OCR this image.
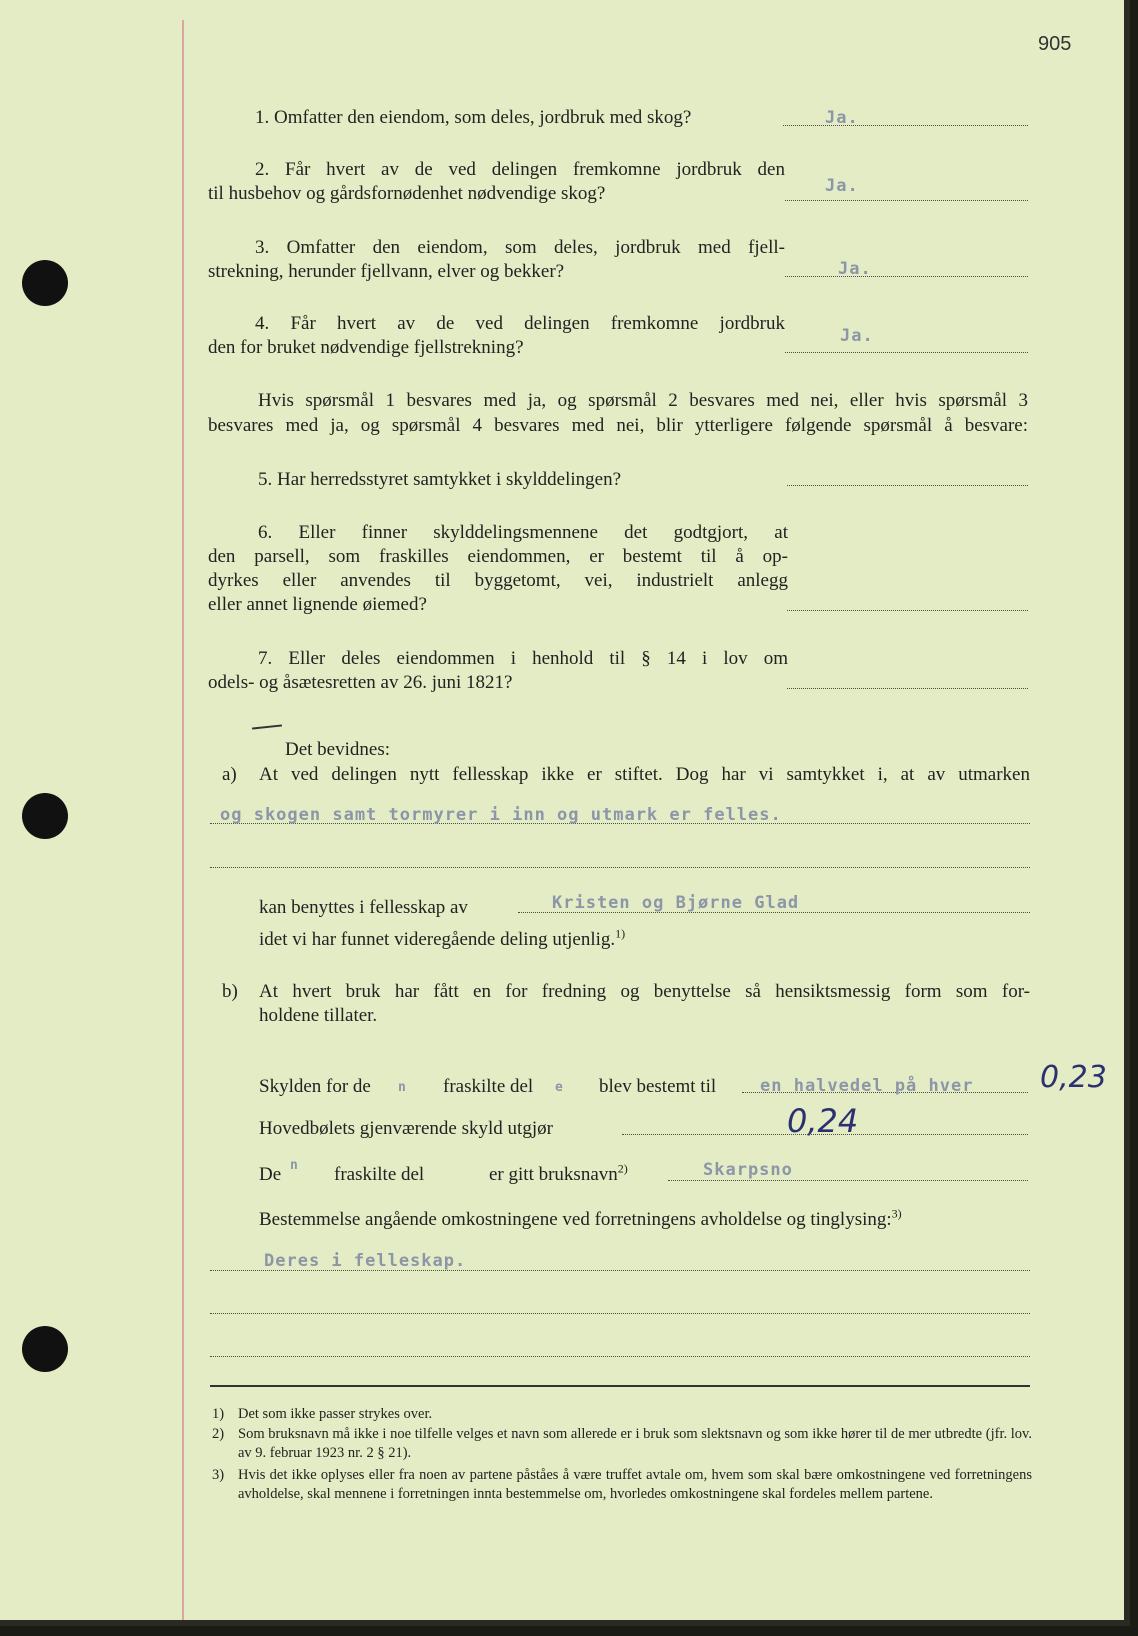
905
1. Omfatter den eiendom, som deles, jordbruk med skog?	Ja.
2. Får hvert av de ved delingen fremkomne jordbruk den
til husbehov og gårdsfornødenhet nødvendige skog?	Ja.
3. Omfatter den eiendom, som deles, jordbruk med fjell-
strekning, herunder fjellvann, elver og bekker?	Ja.
4. Får hvert av de ved delingen fremkomne jordbruk
den for bruket nødvendige fjellstrekning?
Ja.
Hvis spørsmål 1 besvares med ja, og spørsmål 2 besvares med nei, eller hvis spørsmål 3
besvares med ja, og spørsmål 4 besvares med nei, blir ytterligere følgende spørsmål å besvare:
5. Har herredsstyret samtykket i skylddelingen?
6. Eller finner skylddelingsmennene det godtgjort, at
den parsell, som fraskilles eiendommen, er bestemt til å op-
dyrkes eller anvendes til byggetomt, vei, industrielt anlegg
eller annet lignende øiemed?
7. Eller deles eiendommen i henhold til § 14 i lov om
odels- og åsætesretten av 26. juni 1821?
Det bevidnes:
a) At ved delingen nytt fellesskap ikke er stiftet. Dog har vi samtykket i, at av utmarken
og skogen samt tormyrer i inn og utmark er felles.
kan benyttes i fellesskap av	Kristen og Bjørne Glad
idet vi har funnet videregående deling utjenlig.$^{1)}$
b) At hvert bruk har fått en for fredning og benyttelse så hensiktsmessig form som for-
holdene tillater.
Skylden for de n fraskilte del e blev bestemt til	en halvedel på hver 0,23
Hovedbølets gjenværende skyld utgjør	0,24
De n fraskilte del	er gitt bruksnavn$^{2)}$	Skarpsno
Bestemmelse angående omkostningene ved forretningens avholdelse og tinglysing:$^{3)}$
Deres i felleskap.
1) Det som ikke passer strykes over.
2) Som bruksnavn må ikke i noe tilfelle velges et navn som allerede er i bruk som slektsnavn og som ikke hører til de mer utbredte (jfr. lov. av 9. februar 1923 nr. 2 § 21).
3) Hvis det ikke oplyses eller fra noen av partene påståes å være truffet avtale om, hvem som skal bære omkostningene ved forretningens avholdelse, skal mennene i forretningen innta bestemmelse om, hvorledes omkostningene skal fordeles mellem partene.
